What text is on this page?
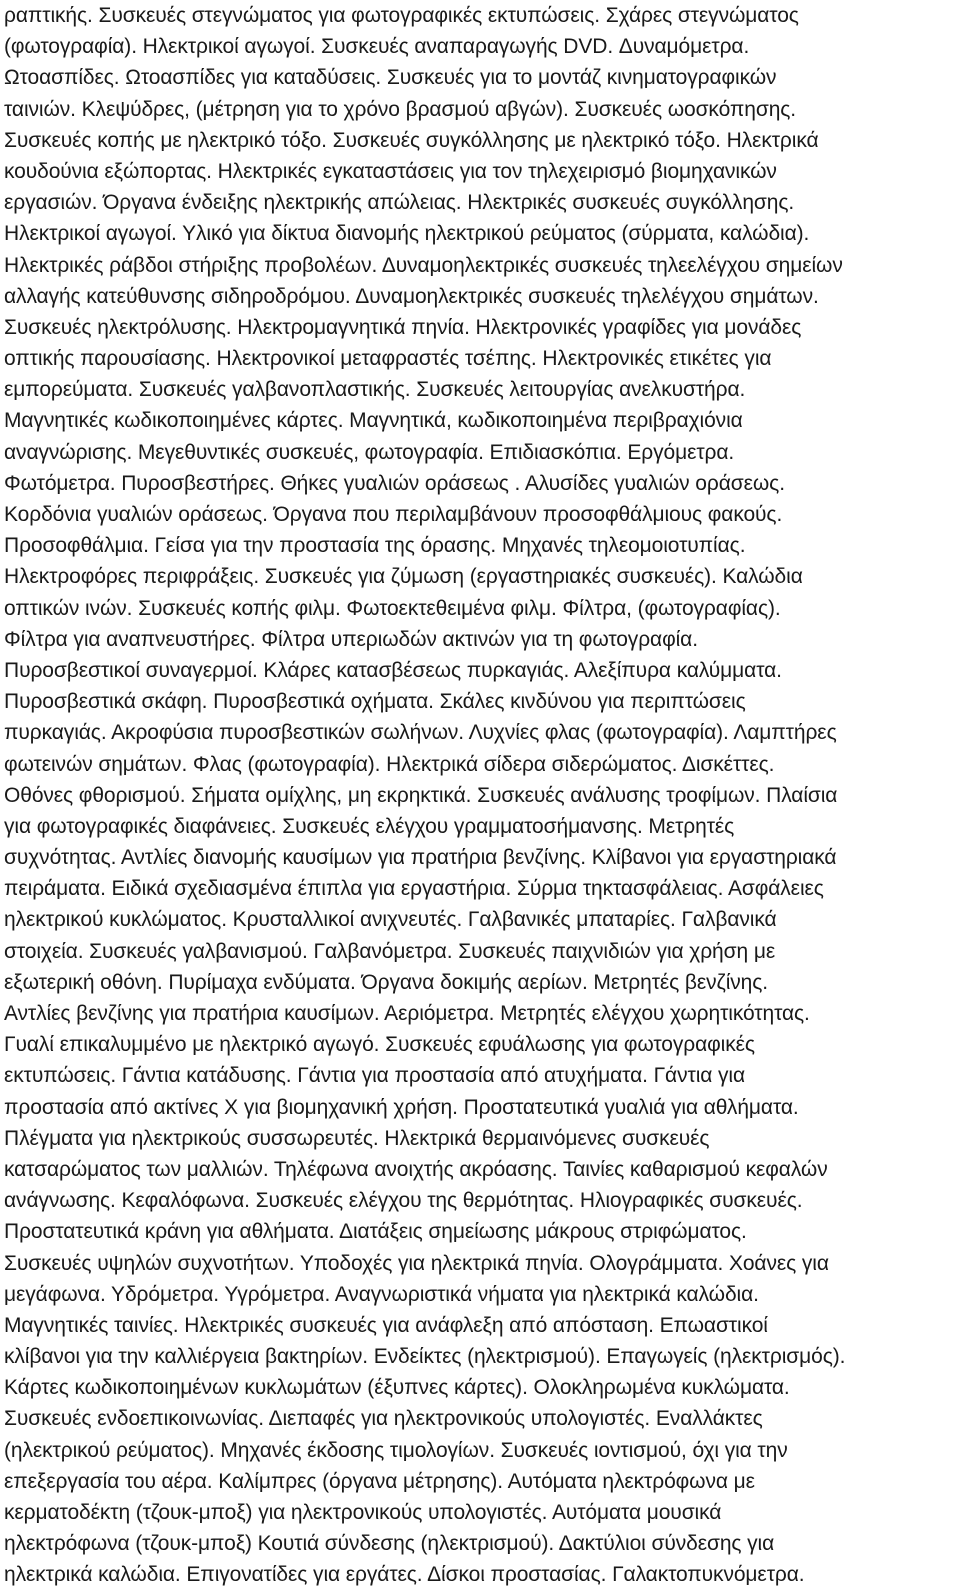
ραπτικής. Συσκευές στεγνώματος για φωτογραφικές εκτυπώσεις. Σχάρες στεγνώματος
(φωτογραφία). Ηλεκτρικοί αγωγοί. Συσκευές αναπαραγωγής DVD. Δυναμόμετρα.
Ωτοασπίδες. Ωτοασπίδες για καταδύσεις. Συσκευές για το μοντάζ κινηματογραφικών
ταινιών. Κλεψύδρες, (μέτρηση για το χρόνο βρασμού αβγών). Συσκευές ωοσκόπησης.
Συσκευές κοπής με ηλεκτρικό τόξο. Συσκευές συγκόλλησης με ηλεκτρικό τόξο. Ηλεκτρικά
κουδούνια εξώπορτας. Ηλεκτρικές εγκαταστάσεις για τον τηλεχειρισμό βιομηχανικών
εργασιών. Όργανα ένδειξης ηλεκτρικής απώλειας. Ηλεκτρικές συσκευές συγκόλλησης.
Ηλεκτρικοί αγωγοί. Υλικό για δίκτυα διανομής ηλεκτρικού ρεύματος (σύρματα, καλώδια).
Ηλεκτρικές ράβδοι στήριξης προβολέων. Δυναμοηλεκτρικές συσκευές τηλεελέγχου σημείων
αλλαγής κατεύθυνσης σιδηροδρόμου. Δυναμοηλεκτρικές συσκευές τηλελέγχου σημάτων.
Συσκευές ηλεκτρόλυσης. Ηλεκτρομαγνητικά πηνία. Ηλεκτρονικές γραφίδες για μονάδες
οπτικής παρουσίασης. Ηλεκτρονικοί μεταφραστές τσέπης. Ηλεκτρονικές ετικέτες για
εμπορεύματα. Συσκευές γαλβανοπλαστικής. Συσκευές λειτουργίας ανελκυστήρα.
Μαγνητικές κωδικοποιημένες κάρτες. Μαγνητικά, κωδικοποιημένα περιβραχιόνια
αναγνώρισης. Μεγεθυντικές συσκευές, φωτογραφία. Επιδιασκόπια. Εργόμετρα.
Φωτόμετρα. Πυροσβεστήρες. Θήκες γυαλιών οράσεως . Αλυσίδες γυαλιών οράσεως.
Κορδόνια γυαλιών οράσεως. Όργανα που περιλαμβάνουν προσοφθάλμιους φακούς.
Προσοφθάλμια. Γείσα για την προστασία της όρασης. Μηχανές τηλεομοιοτυπίας.
Ηλεκτροφόρες περιφράξεις. Συσκευές για ζύμωση (εργαστηριακές συσκευές). Καλώδια
οπτικών ινών. Συσκευές κοπής φιλμ. Φωτοεκτεθειμένα φιλμ. Φίλτρα, (φωτογραφίας).
Φίλτρα για αναπνευστήρες. Φίλτρα υπεριωδών ακτινών για τη φωτογραφία.
Πυροσβεστικοί συναγερμοί. Κλάρες κατασβέσεως πυρκαγιάς. Αλεξίπυρα καλύμματα.
Πυροσβεστικά σκάφη. Πυροσβεστικά οχήματα. Σκάλες κινδύνου για περιπτώσεις
πυρκαγιάς. Ακροφύσια πυροσβεστικών σωλήνων. Λυχνίες φλας (φωτογραφία). Λαμπτήρες
φωτεινών σημάτων. Φλας (φωτογραφία). Ηλεκτρικά σίδερα σιδερώματος. Δισκέττες.
Οθόνες φθορισμού. Σήματα ομίχλης, μη εκρηκτικά. Συσκευές ανάλυσης τροφίμων. Πλαίσια
για φωτογραφικές διαφάνειες. Συσκευές ελέγχου γραμματοσήμανσης. Μετρητές
συχνότητας. Αντλίες διανομής καυσίμων για πρατήρια βενζίνης. Κλίβανοι για εργαστηριακά
πειράματα. Ειδικά σχεδιασμένα έπιπλα για εργαστήρια. Σύρμα τηκτασφάλειας. Ασφάλειες
ηλεκτρικού κυκλώματος. Κρυσταλλικοί ανιχνευτές. Γαλβανικές μπαταρίες. Γαλβανικά
στοιχεία. Συσκευές γαλβανισμού. Γαλβανόμετρα. Συσκευές παιχνιδιών για χρήση με
εξωτερική οθόνη. Πυρίμαχα ενδύματα. Όργανα δοκιμής αερίων. Μετρητές βενζίνης.
Αντλίες βενζίνης για πρατήρια καυσίμων. Αεριόμετρα. Μετρητές ελέγχου χωρητικότητας.
Γυαλί επικαλυμμένο με ηλεκτρικό αγωγό. Συσκευές εφυάλωσης για φωτογραφικές
εκτυπώσεις. Γάντια κατάδυσης. Γάντια για προστασία από ατυχήματα. Γάντια για
προστασία από ακτίνες Χ για βιομηχανική χρήση. Προστατευτικά γυαλιά για αθλήματα.
Πλέγματα για ηλεκτρικούς συσσωρευτές. Ηλεκτρικά θερμαινόμενες συσκευές
κατσαρώματος των μαλλιών. Τηλέφωνα ανοιχτής ακρόασης. Ταινίες καθαρισμού κεφαλών
ανάγνωσης. Κεφαλόφωνα. Συσκευές ελέγχου της θερμότητας. Ηλιογραφικές συσκευές.
Προστατευτικά κράνη για αθλήματα. Διατάξεις σημείωσης μάκρους στριφώματος.
Συσκευές υψηλών συχνοτήτων. Υποδοχές για ηλεκτρικά πηνία. Ολογράμματα. Χοάνες για
μεγάφωνα. Υδρόμετρα. Υγρόμετρα. Αναγνωριστικά νήματα για ηλεκτρικά καλώδια.
Μαγνητικές ταινίες. Ηλεκτρικές συσκευές για ανάφλεξη από απόσταση. Επωαστικοί
κλίβανοι για την καλλιέργεια βακτηρίων. Ενδείκτες (ηλεκτρισμού). Επαγωγείς (ηλεκτρισμός).
Κάρτες κωδικοποιημένων κυκλωμάτων (έξυπνες κάρτες). Ολοκληρωμένα κυκλώματα.
Συσκευές ενδοεπικοινωνίας. Διεπαφές για ηλεκτρονικούς υπολογιστές. Εναλλάκτες
(ηλεκτρικού ρεύματος). Μηχανές έκδοσης τιμολογίων. Συσκευές ιοντισμού, όχι για την
επεξεργασία του αέρα. Καλίμπρες (όργανα μέτρησης). Αυτόματα ηλεκτρόφωνα με
κερματοδέκτη (τζουκ-μποξ) για ηλεκτρονικούς υπολογιστές. Αυτόματα μουσικά
ηλεκτρόφωνα (τζουκ-μποξ) Κουτιά σύνδεσης (ηλεκτρισμού). Δακτύλιοι σύνδεσης για
ηλεκτρικά καλώδια. Επιγονατίδες για εργάτες. Δίσκοι προστασίας. Γαλακτοπυκνόμετρα.
